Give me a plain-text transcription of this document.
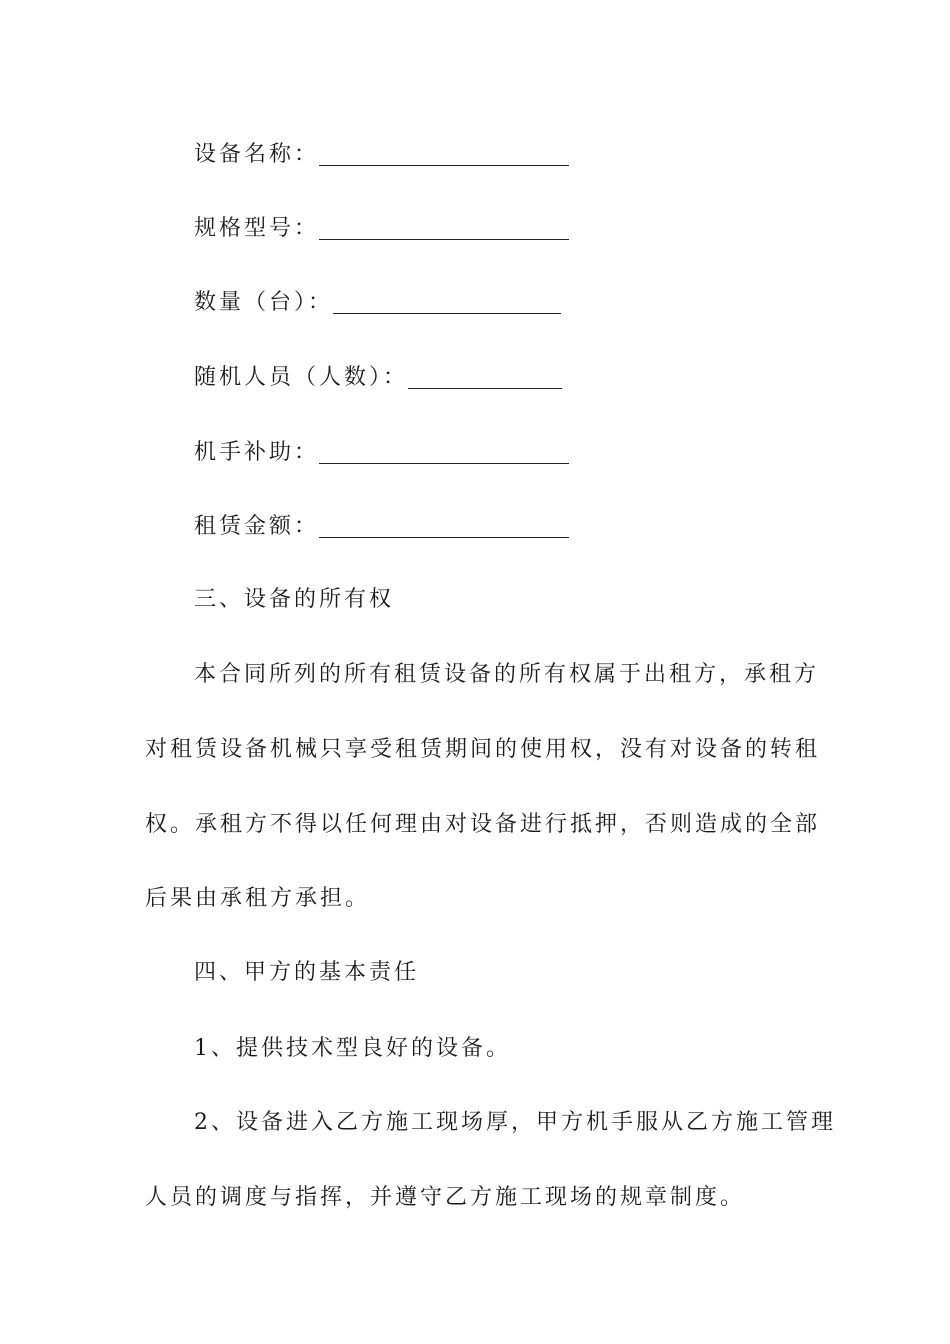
设备名称：
规格型号：
数量（台）：
随机人员（人数）：
机手补助：
租赁金额：
三、设备的所有权
本合同所列的所有租赁设备的所有权属于出租方，承租方
对租赁设备机械只享受租赁期间的使用权，没有对设备的转租
权。承租方不得以任何理由对设备进行抵押，否则造成的全部
后果由承租方承担。
四、甲方的基本责任
1、提供技术型良好的设备。
2、设备进入乙方施工现场厚，甲方机手服从乙方施工管理
人员的调度与指挥，并遵守乙方施工现场的规章制度。
